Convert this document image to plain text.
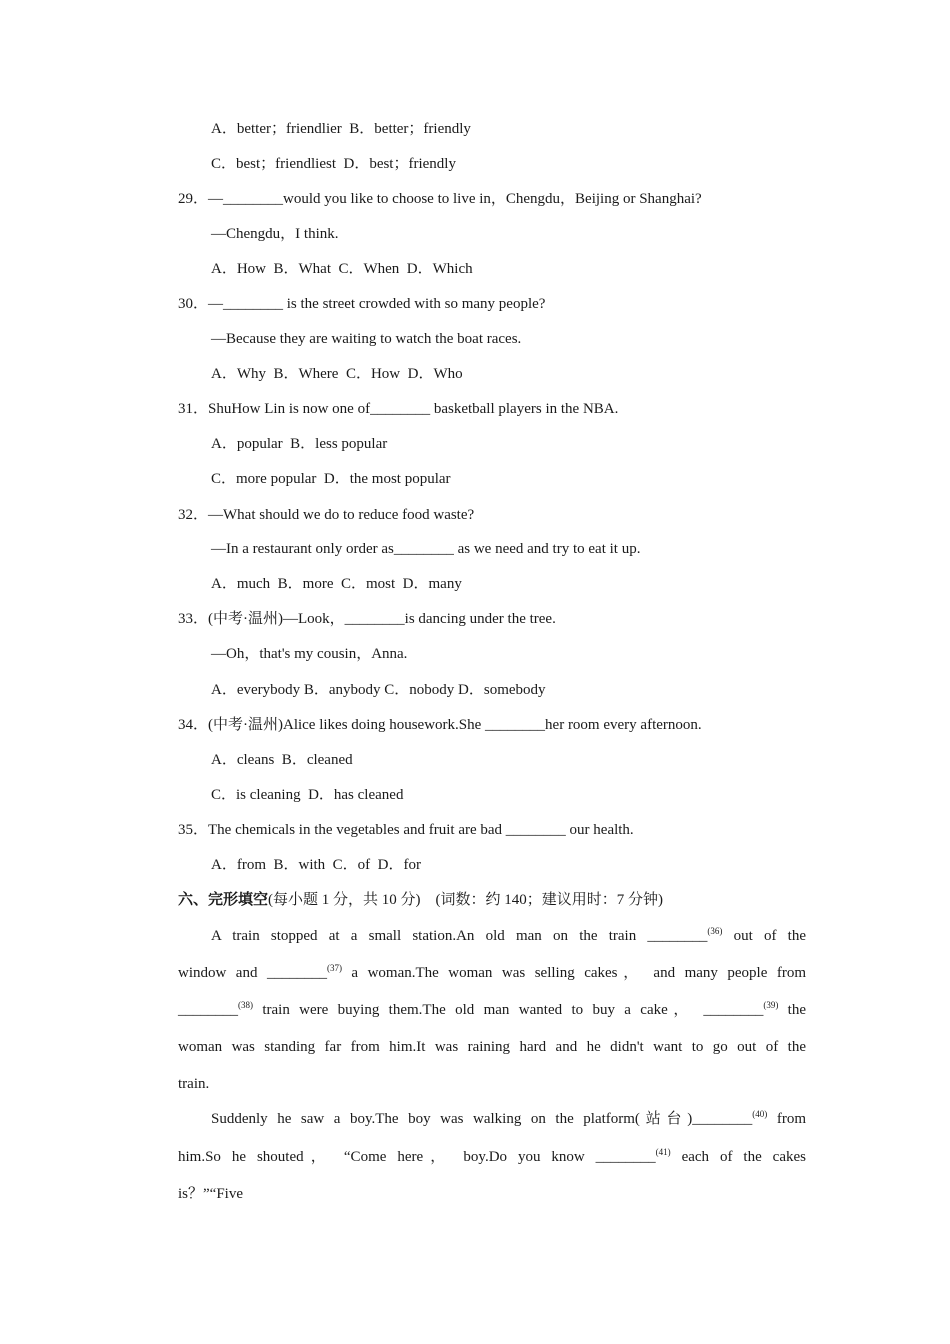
A．better；friendlier  B．better；friendly
C．best；friendliest  D．best；friendly
29．—________would you like to choose to live in，Chengdu，Beijing or Shanghai?
—Chengdu，I think.
A．How  B．What  C．When  D．Which
30．—________ is the street crowded with so many people?
—Because they are waiting to watch the boat races.
A．Why  B．Where  C．How  D．Who
31．ShuHow Lin is now one of________ basketball players in the NBA.
A．popular  B．less popular
C．more popular  D．the most popular
32．—What should we do to reduce food waste?
—In a restaurant only order as________ as we need and try to eat it up.
A．much  B．more  C．most  D．many
33．(中考·温州)—Look，________is dancing under the tree.
—Oh，that's my cousin，Anna.
A．everybody B．anybody C．nobody D．somebody
34．(中考·温州)Alice likes doing housework.She ________her room every afternoon.
A．cleans  B．cleaned
C．is cleaning  D．has cleaned
35．The chemicals in the vegetables and fruit are bad ________ our health.
A．from  B．with  C．of  D．for
六、完形填空(每小题 1 分，共 10 分)　(词数：约 140；建议用时：7 分钟)
A train stopped at a small station.An old man on the train ________$^{(36)}$ out of the
window and ________$^{(37)}$ a woman.The woman was selling cakes， and many people from
________$^{(38)}$ train were buying them.The old man wanted to buy a cake， ________$^{(39)}$ the
woman was standing far from him.It was raining hard and he didn't want to go out of the
train.
Suddenly he saw a boy.The boy was walking on the platform(站台)________$^{(40)}$ from
him.So he shouted， “Come here， boy.Do you know ________$^{(41)}$ each of the cakes
is？”“Five
